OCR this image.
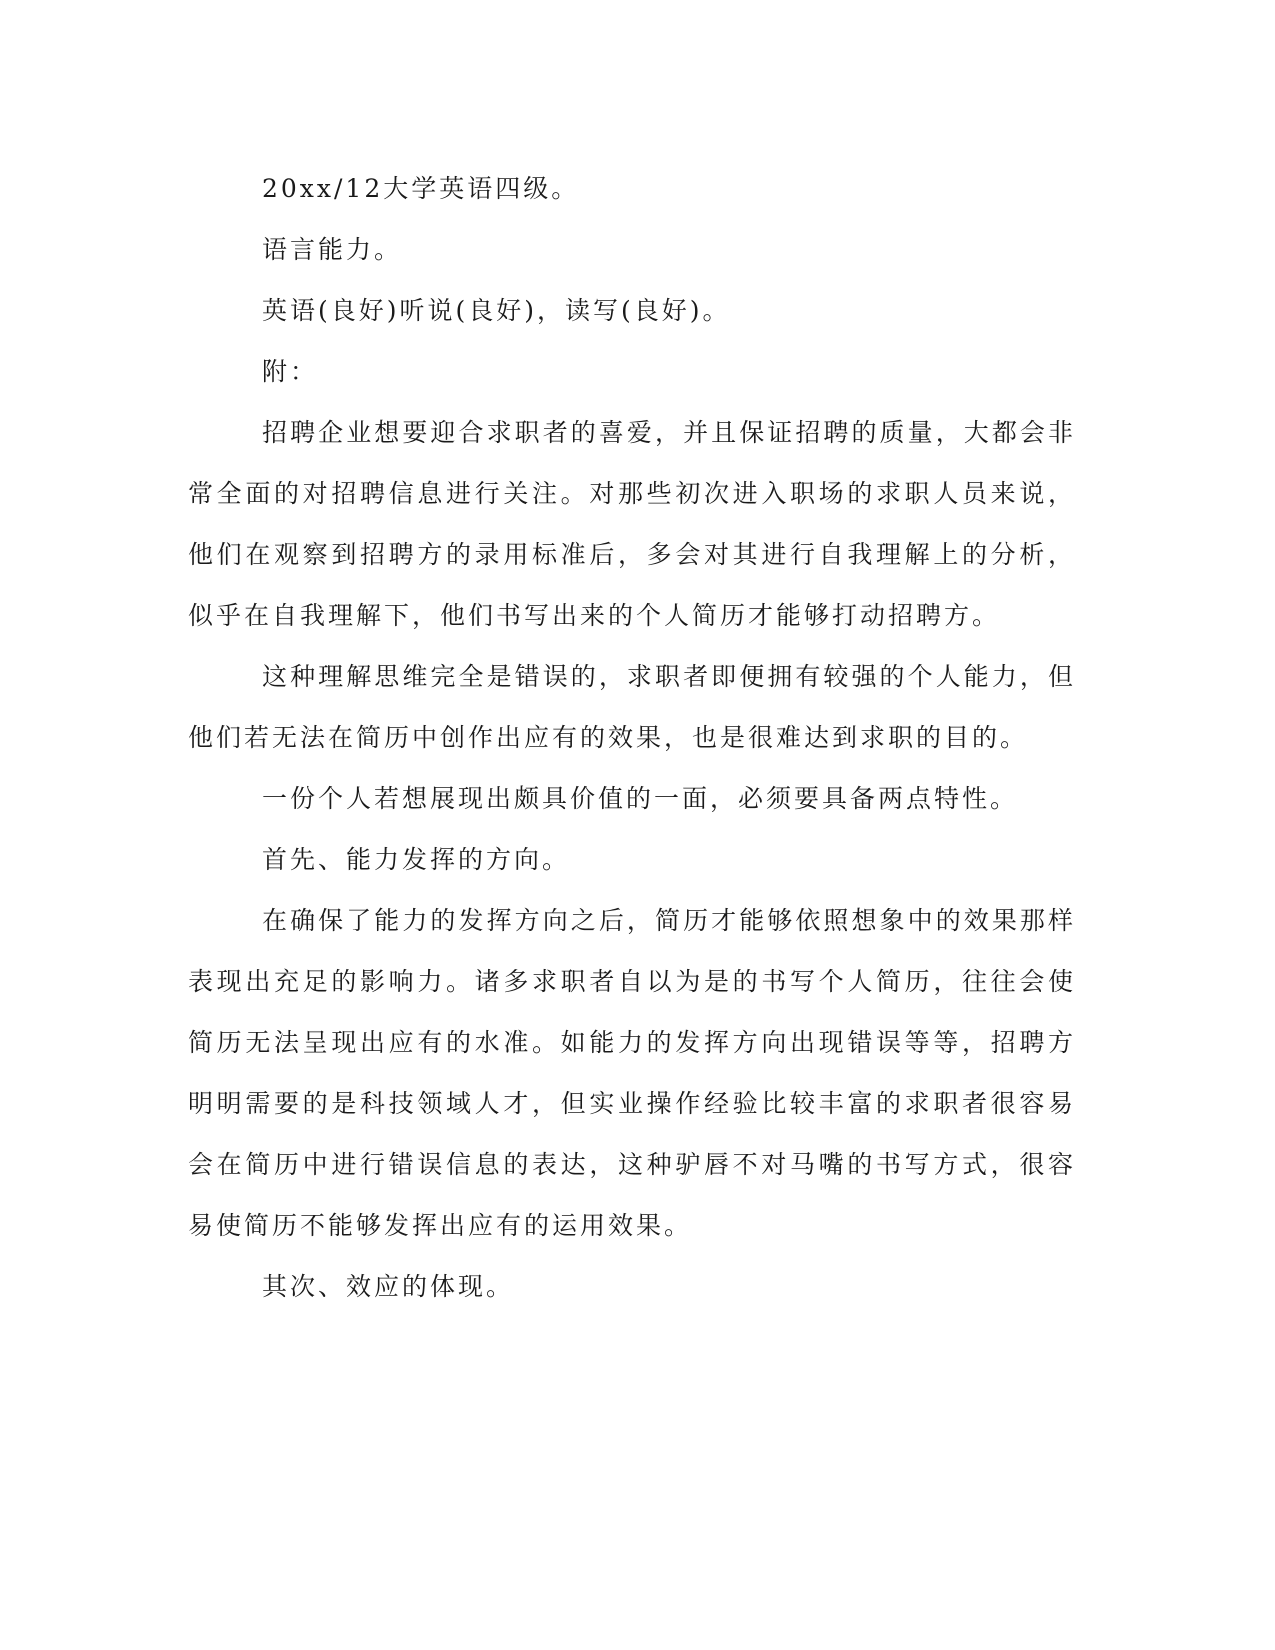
20xx/12大学英语四级。

语言能力。

英语(良好)听说(良好)，读写(良好)。

附：

招聘企业想要迎合求职者的喜爱，并且保证招聘的质量，大都会非常全面的对招聘信息进行关注。对那些初次进入职场的求职人员来说，他们在观察到招聘方的录用标准后，多会对其进行自我理解上的分析，似乎在自我理解下，他们书写出来的个人简历才能够打动招聘方。

这种理解思维完全是错误的，求职者即便拥有较强的个人能力，但他们若无法在简历中创作出应有的效果，也是很难达到求职的目的。

一份个人若想展现出颇具价值的一面，必须要具备两点特性。

首先、能力发挥的方向。

在确保了能力的发挥方向之后，简历才能够依照想象中的效果那样表现出充足的影响力。诸多求职者自以为是的书写个人简历，往往会使简历无法呈现出应有的水准。如能力的发挥方向出现错误等等，招聘方明明需要的是科技领域人才，但实业操作经验比较丰富的求职者很容易会在简历中进行错误信息的表达，这种驴唇不对马嘴的书写方式，很容易使简历不能够发挥出应有的运用效果。

其次、效应的体现。
